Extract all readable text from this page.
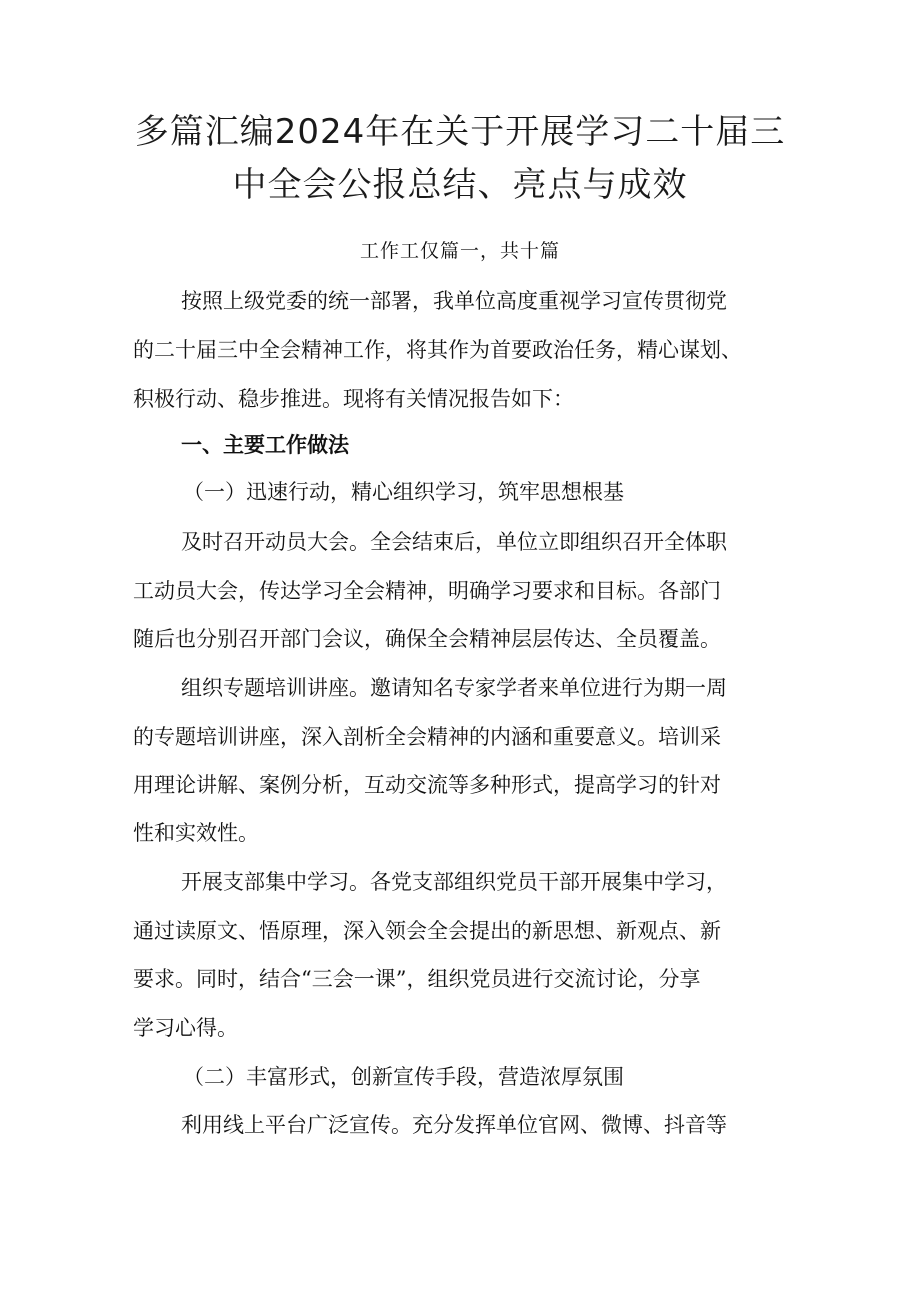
多篇汇编2024年在关于开展学习二十届三
中全会公报总结、亮点与成效
工作工仅篇一，共十篇
按照上级党委的统一部署，我单位高度重视学习宣传贯彻党
的二十届三中全会精神工作，将其作为首要政治任务，精心谋划、
积极行动、稳步推进。现将有关情况报告如下：
一、主要工作做法
（一）迅速行动，精心组织学习，筑牢思想根基
及时召开动员大会。全会结束后，单位立即组织召开全体职
工动员大会，传达学习全会精神，明确学习要求和目标。各部门
随后也分别召开部门会议，确保全会精神层层传达、全员覆盖。
组织专题培训讲座。邀请知名专家学者来单位进行为期一周
的专题培训讲座，深入剖析全会精神的内涵和重要意义。培训采
用理论讲解、案例分析，互动交流等多种形式，提高学习的针对
性和实效性。
开展支部集中学习。各党支部组织党员干部开展集中学习，
通过读原文、悟原理，深入领会全会提出的新思想、新观点、新
要求。同时，结合“三会一课”，组织党员进行交流讨论，分享
学习心得。
（二）丰富形式，创新宣传手段，营造浓厚氛围
利用线上平台广泛宣传。充分发挥单位官网、微博、抖音等
